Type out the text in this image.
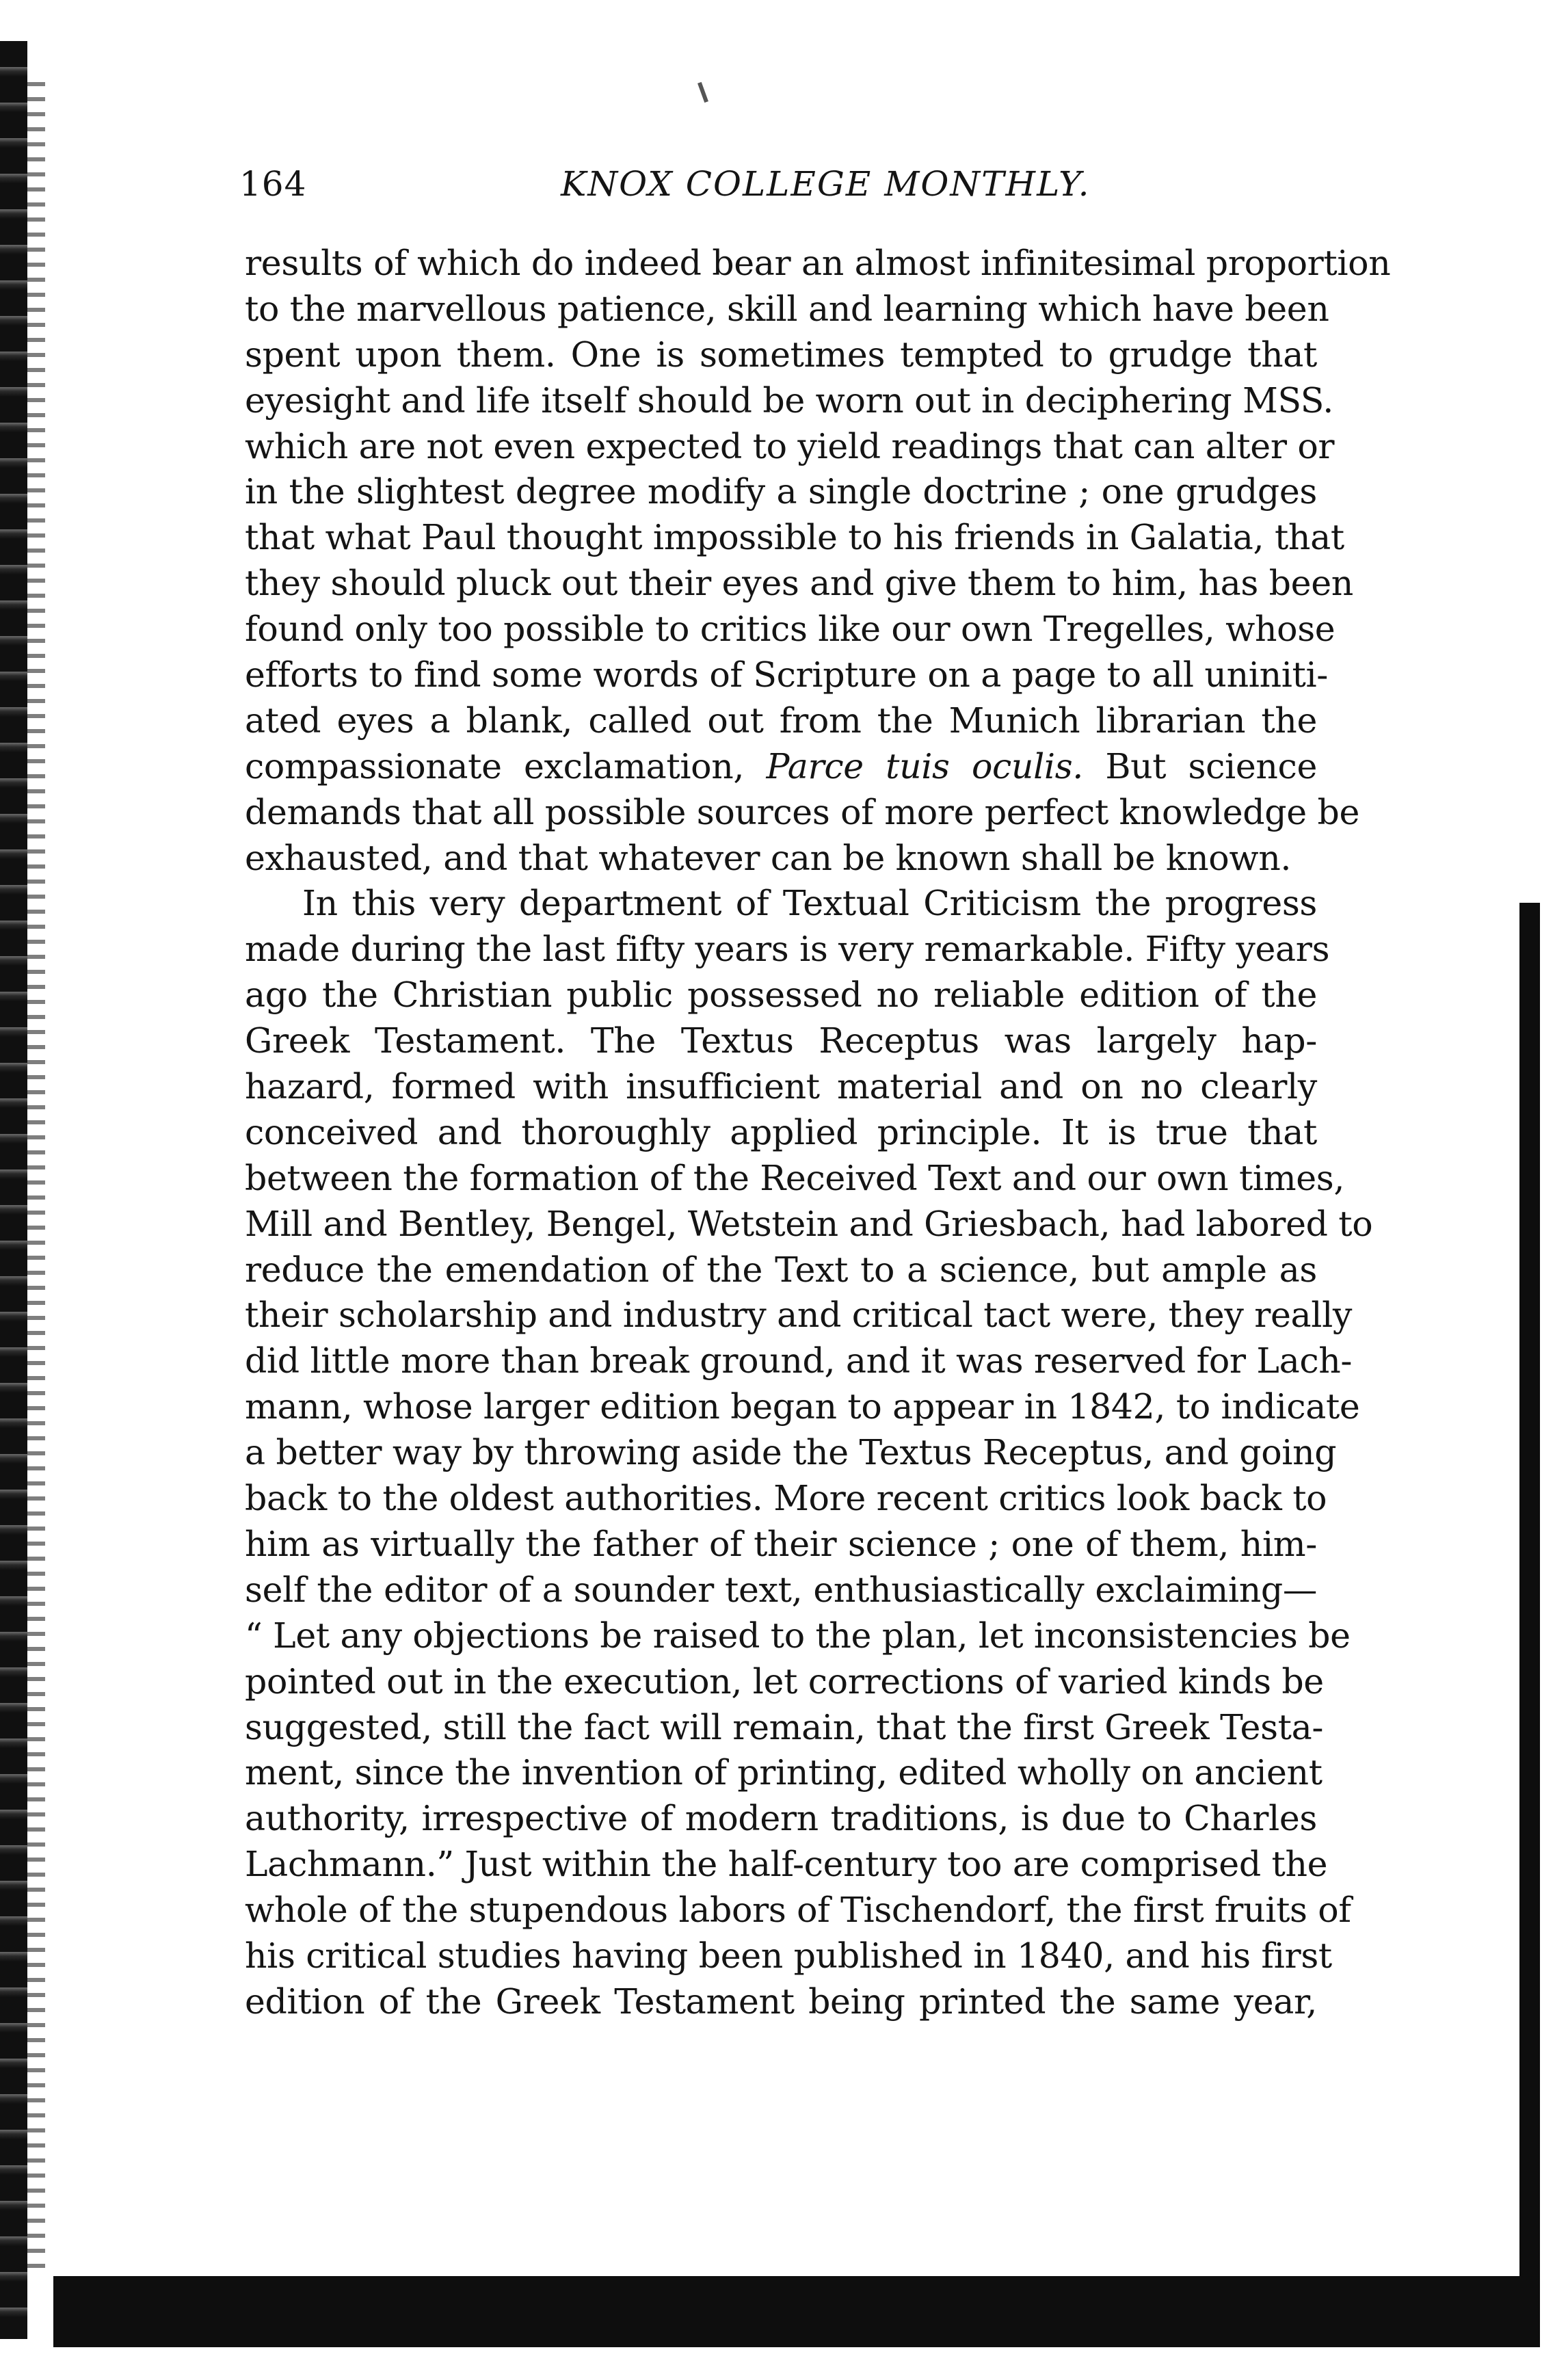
164	KNOX COLLEGE MONTHLY.
results of which do indeed bear an almost infinitesimal proportion
to the marvellous patience, skill and learning which have been
spent upon them. One is sometimes tempted to grudge that
eyesight and life itself should be worn out in deciphering MSS.
which are not even expected to yield readings that can alter or
in the slightest degree modify a single doctrine ; one grudges
that what Paul thought impossible to his friends in Galatia, that
they should pluck out their eyes and give them to him, has been
found only too possible to critics like our own Tregelles, whose
efforts to find some words of Scripture on a page to all uniniti-
ated eyes a blank, called out from the Munich librarian the
compassionate exclamation, Parce tuis oculis. But science
demands that all possible sources of more perfect knowledge be
exhausted, and that whatever can be known shall be known.
In this very department of Textual Criticism the progress
made during the last fifty years is very remarkable. Fifty years
ago the Christian public possessed no reliable edition of the
Greek Testament. The Textus Receptus was largely hap-
hazard, formed with insufficient material and on no clearly
conceived and thoroughly applied principle. It is true that
between the formation of the Received Text and our own times,
Mill and Bentley, Bengel, Wetstein and Griesbach, had labored to
reduce the emendation of the Text to a science, but ample as
their scholarship and industry and critical tact were, they really
did little more than break ground, and it was reserved for Lach-
mann, whose larger edition began to appear in 1842, to indicate
a better way by throwing aside the Textus Receptus, and going
back to the oldest authorities. More recent critics look back to
him as virtually the father of their science ; one of them, him-
self the editor of a sounder text, enthusiastically exclaiming—
“ Let any objections be raised to the plan, let inconsistencies be
pointed out in the execution, let corrections of varied kinds be
suggested, still the fact will remain, that the first Greek Testa-
ment, since the invention of printing, edited wholly on ancient
authority, irrespective of modern traditions, is due to Charles
Lachmann.” Just within the half-century too are comprised the
whole of the stupendous labors of Tischendorf, the first fruits of
his critical studies having been published in 1840, and his first
edition of the Greek Testament being printed the same year,
